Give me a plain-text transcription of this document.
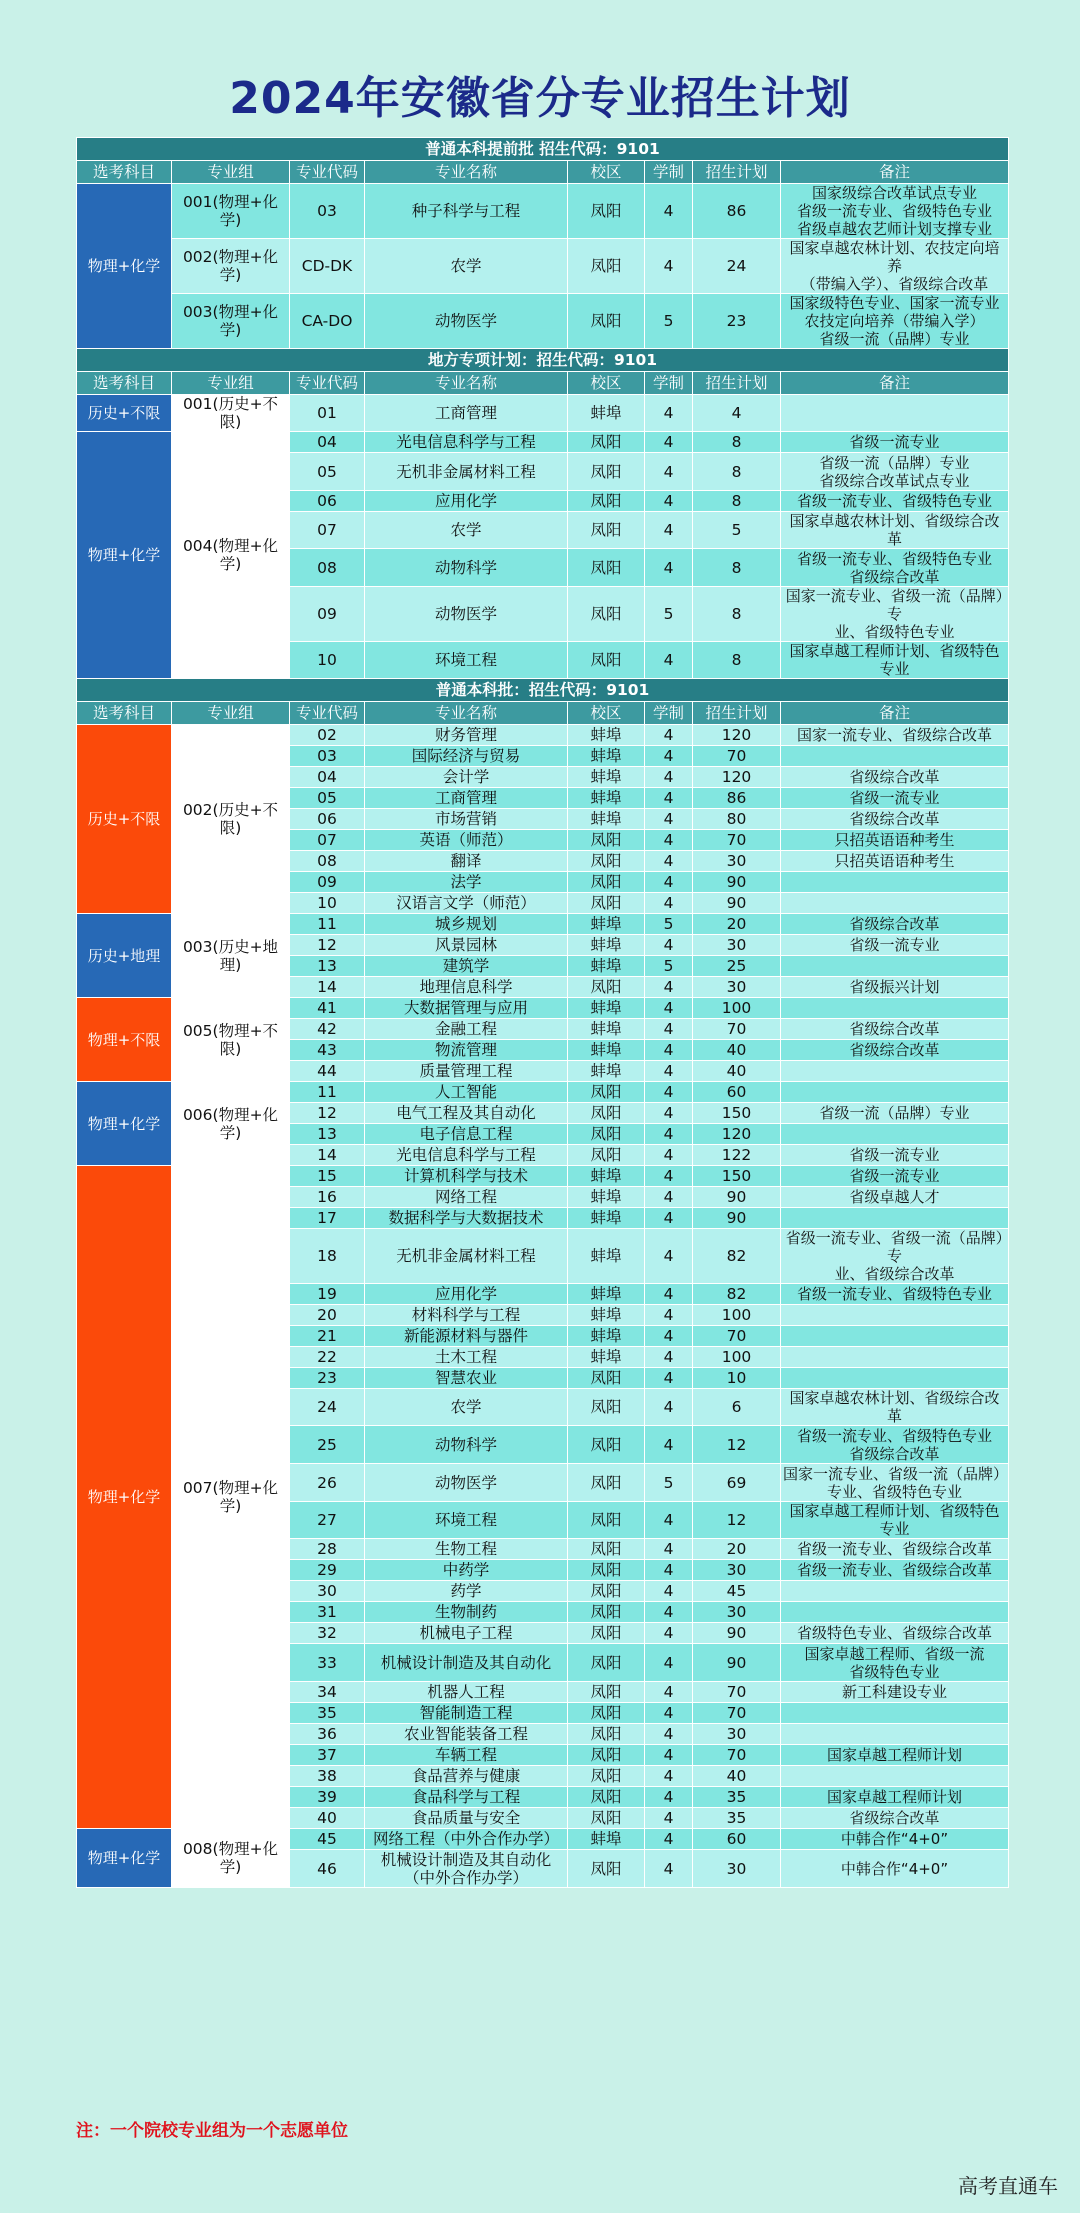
2024年安徽省分专业招生计划
普通本科提前批 招生代码：9101							
选考科目	专业组	专业代码	专业名称	校区	学制	招生计划	备注
物理+化学	001(物理+化学)	03	种子科学与工程	凤阳	4	86	国家级综合改革试点专业
省级一流专业、省级特色专业
省级卓越农艺师计划支撑专业

	002(物理+化学)	CD-DK	农学	凤阳	4	24	国家卓越农林计划、农技定向培养
（带编入学）、省级综合改革

	003(物理+化学)	CA-DO	动物医学	凤阳	5	23	国家级特色专业、国家一流专业
农技定向培养（带编入学）
省级一流（品牌）专业

地方专项计划：招生代码：9101							
选考科目	专业组	专业代码	专业名称	校区	学制	招生计划	备注
历史+不限	001(历史+不限)	01	工商管理	蚌埠	4	4	
物理+化学	004(物理+化学)	04	光电信息科学与工程	凤阳	4	8	省级一流专业

		05	无机非金属材料工程	凤阳	4	8	省级一流（品牌）专业
省级综合改革试点专业

		06	应用化学	凤阳	4	8	省级一流专业、省级特色专业

		07	农学	凤阳	4	5	国家卓越农林计划、省级综合改革

		08	动物科学	凤阳	4	8	省级一流专业、省级特色专业
省级综合改革

		09	动物医学	凤阳	5	8	国家一流专业、省级一流（品牌）专
业、省级特色专业

		10	环境工程	凤阳	4	8	国家卓越工程师计划、省级特色专业

普通本科批：招生代码：9101							
选考科目	专业组	专业代码	专业名称	校区	学制	招生计划	备注
历史+不限	002(历史+不限)	02	财务管理	蚌埠	4	120	国家一流专业、省级综合改革

		03	国际经济与贸易	蚌埠	4	70	
		04	会计学	蚌埠	4	120	省级综合改革

		05	工商管理	蚌埠	4	86	省级一流专业

		06	市场营销	蚌埠	4	80	省级综合改革

		07	英语（师范）	凤阳	4	70	只招英语语种考生

		08	翻译	凤阳	4	30	只招英语语种考生

		09	法学	凤阳	4	90	
		10	汉语言文学（师范）	凤阳	4	90	
历史+地理	003(历史+地理)	11	城乡规划	蚌埠	5	20	省级综合改革

		12	风景园林	蚌埠	4	30	省级一流专业

		13	建筑学	蚌埠	5	25	
		14	地理信息科学	凤阳	4	30	省级振兴计划

物理+不限	005(物理+不限)	41	大数据管理与应用	蚌埠	4	100	
		42	金融工程	蚌埠	4	70	省级综合改革

		43	物流管理	蚌埠	4	40	省级综合改革

		44	质量管理工程	蚌埠	4	40	
物理+化学	006(物理+化学)	11	人工智能	凤阳	4	60	
		12	电气工程及其自动化	凤阳	4	150	省级一流（品牌）专业

		13	电子信息工程	凤阳	4	120	
		14	光电信息科学与工程	凤阳	4	122	省级一流专业

物理+化学	007(物理+化学)	15	计算机科学与技术	蚌埠	4	150	省级一流专业

		16	网络工程	蚌埠	4	90	省级卓越人才

		17	数据科学与大数据技术	蚌埠	4	90	
		18	无机非金属材料工程	蚌埠	4	82	省级一流专业、省级一流（品牌）专
业、省级综合改革

		19	应用化学	蚌埠	4	82	省级一流专业、省级特色专业

		20	材料科学与工程	蚌埠	4	100	
		21	新能源材料与器件	蚌埠	4	70	
		22	土木工程	蚌埠	4	100	
		23	智慧农业	凤阳	4	10	
		24	农学	凤阳	4	6	国家卓越农林计划、省级综合改革

		25	动物科学	凤阳	4	12	省级一流专业、省级特色专业
省级综合改革

		26	动物医学	凤阳	5	69	国家一流专业、省级一流（品牌）
专业、省级特色专业

		27	环境工程	凤阳	4	12	国家卓越工程师计划、省级特色专业

		28	生物工程	凤阳	4	20	省级一流专业、省级综合改革

		29	中药学	凤阳	4	30	省级一流专业、省级综合改革

		30	药学	凤阳	4	45	
		31	生物制药	凤阳	4	30	
		32	机械电子工程	凤阳	4	90	省级特色专业、省级综合改革

		33	机械设计制造及其自动化	凤阳	4	90	国家卓越工程师、省级一流
省级特色专业

		34	机器人工程	凤阳	4	70	新工科建设专业

		35	智能制造工程	凤阳	4	70	
		36	农业智能装备工程	凤阳	4	30	
		37	车辆工程	凤阳	4	70	国家卓越工程师计划

		38	食品营养与健康	凤阳	4	40	
		39	食品科学与工程	凤阳	4	35	国家卓越工程师计划

		40	食品质量与安全	凤阳	4	35	省级综合改革

物理+化学	008(物理+化学)	45	网络工程（中外合作办学）	蚌埠	4	60	中韩合作“4+0”

		46	机械设计制造及其自动化
（中外合作办学）	凤阳	4	30	中韩合作“4+0”
注：一个院校专业组为一个志愿单位
高考直通车
